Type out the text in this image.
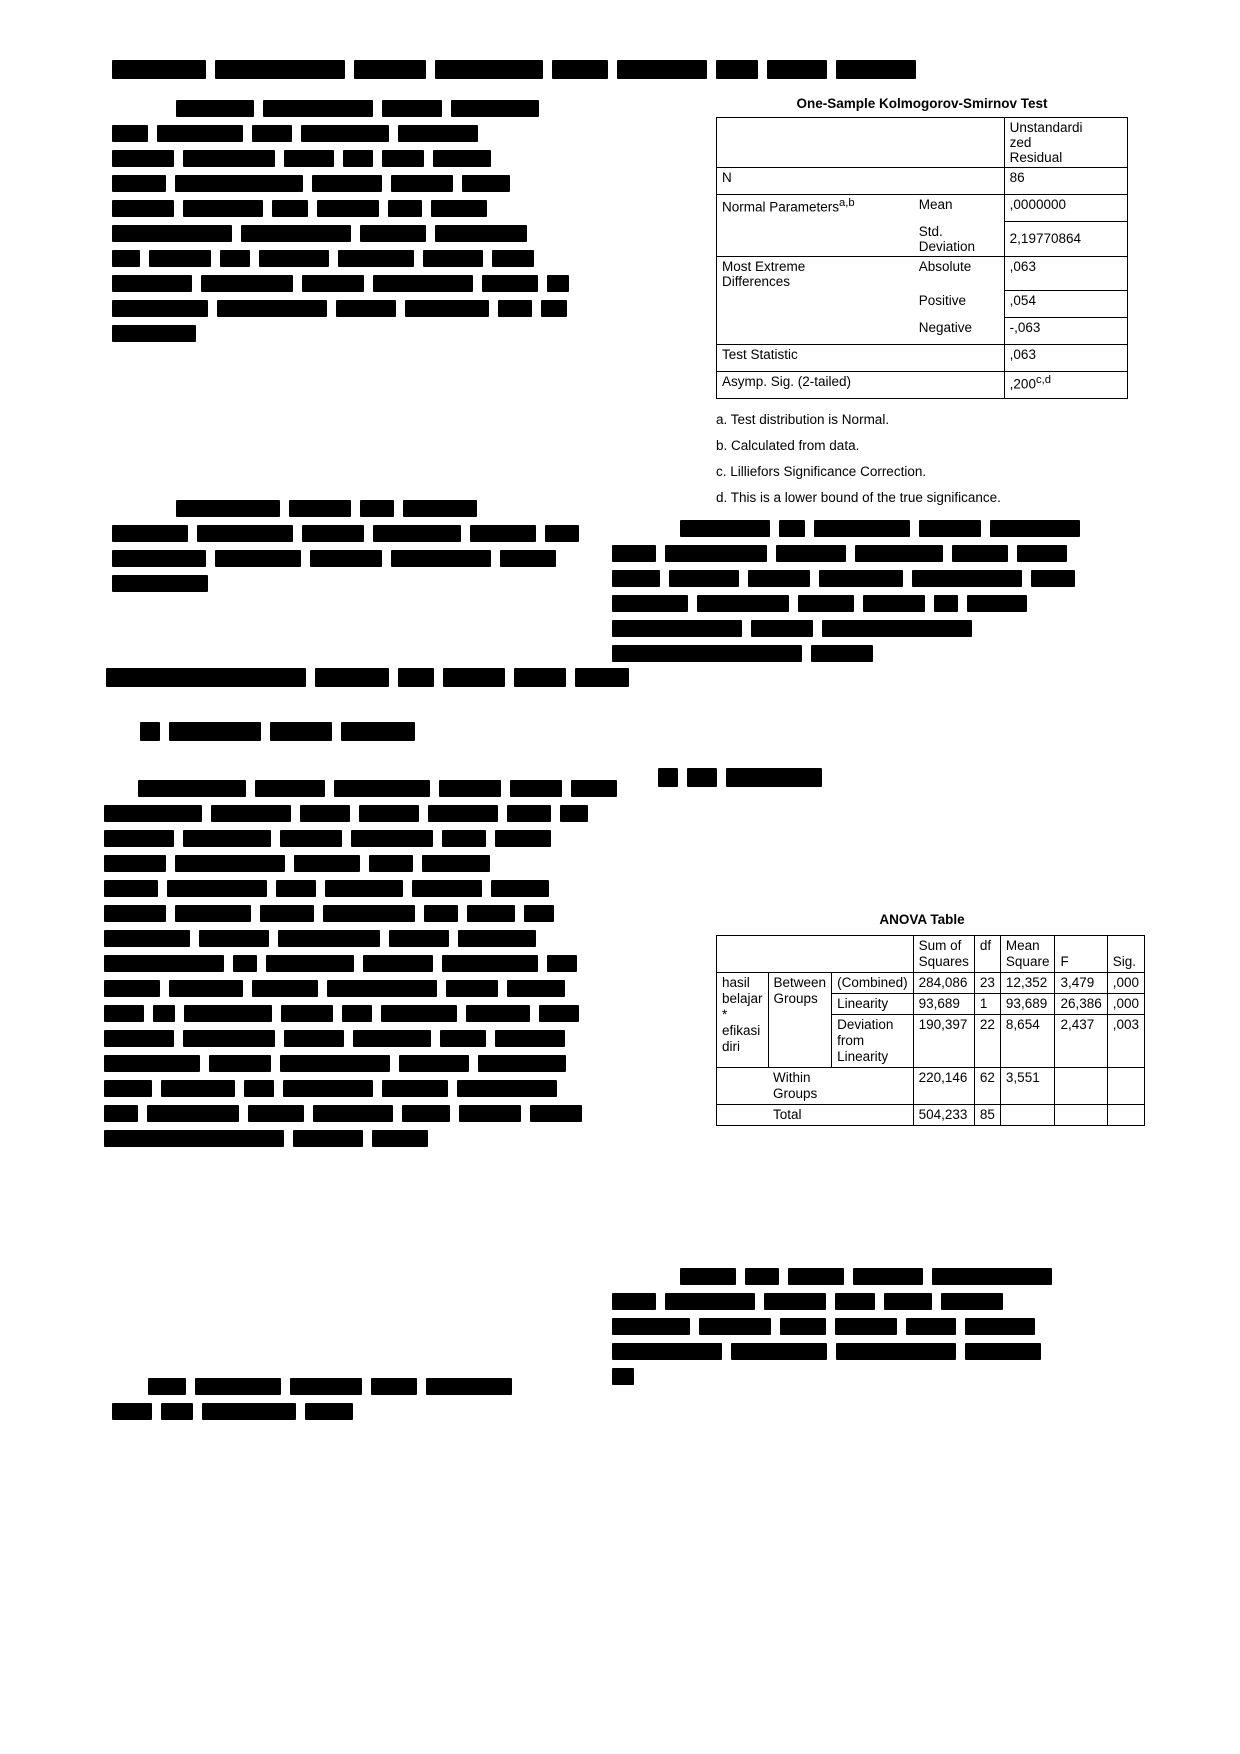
One-Sample Kolmogorov-Smirnov Test

		Unstandardi
zed
Residual

N		86
Normal Parameters$^{a,b}$	Mean	,0000000
	Std.
Deviation	2,19770864
Most Extreme
Differences	Absolute	,063
	Positive	,054
	Negative	-,063
Test Statistic		,063
Asymp. Sig. (2-tailed)		,200$^{c,d}$
a. Test distribution is Normal.
b. Calculated from data.
c. Lilliefors Significance Correction.
d. This is a lower bound of the true significance.
ANOVA Table
			Sum of Squares	df	Mean Square	F	Sig.
hasil belajar * efikasi diri	Between Groups	(Combined)	284,086	23	12,352	3,479	,000
		Linearity	93,689	1	93,689	26,386	,000
		Deviation from Linearity	190,397	22	8,654	2,437	,003
	Within Groups		220,146	62	3,551		
	Total		504,233	85			
